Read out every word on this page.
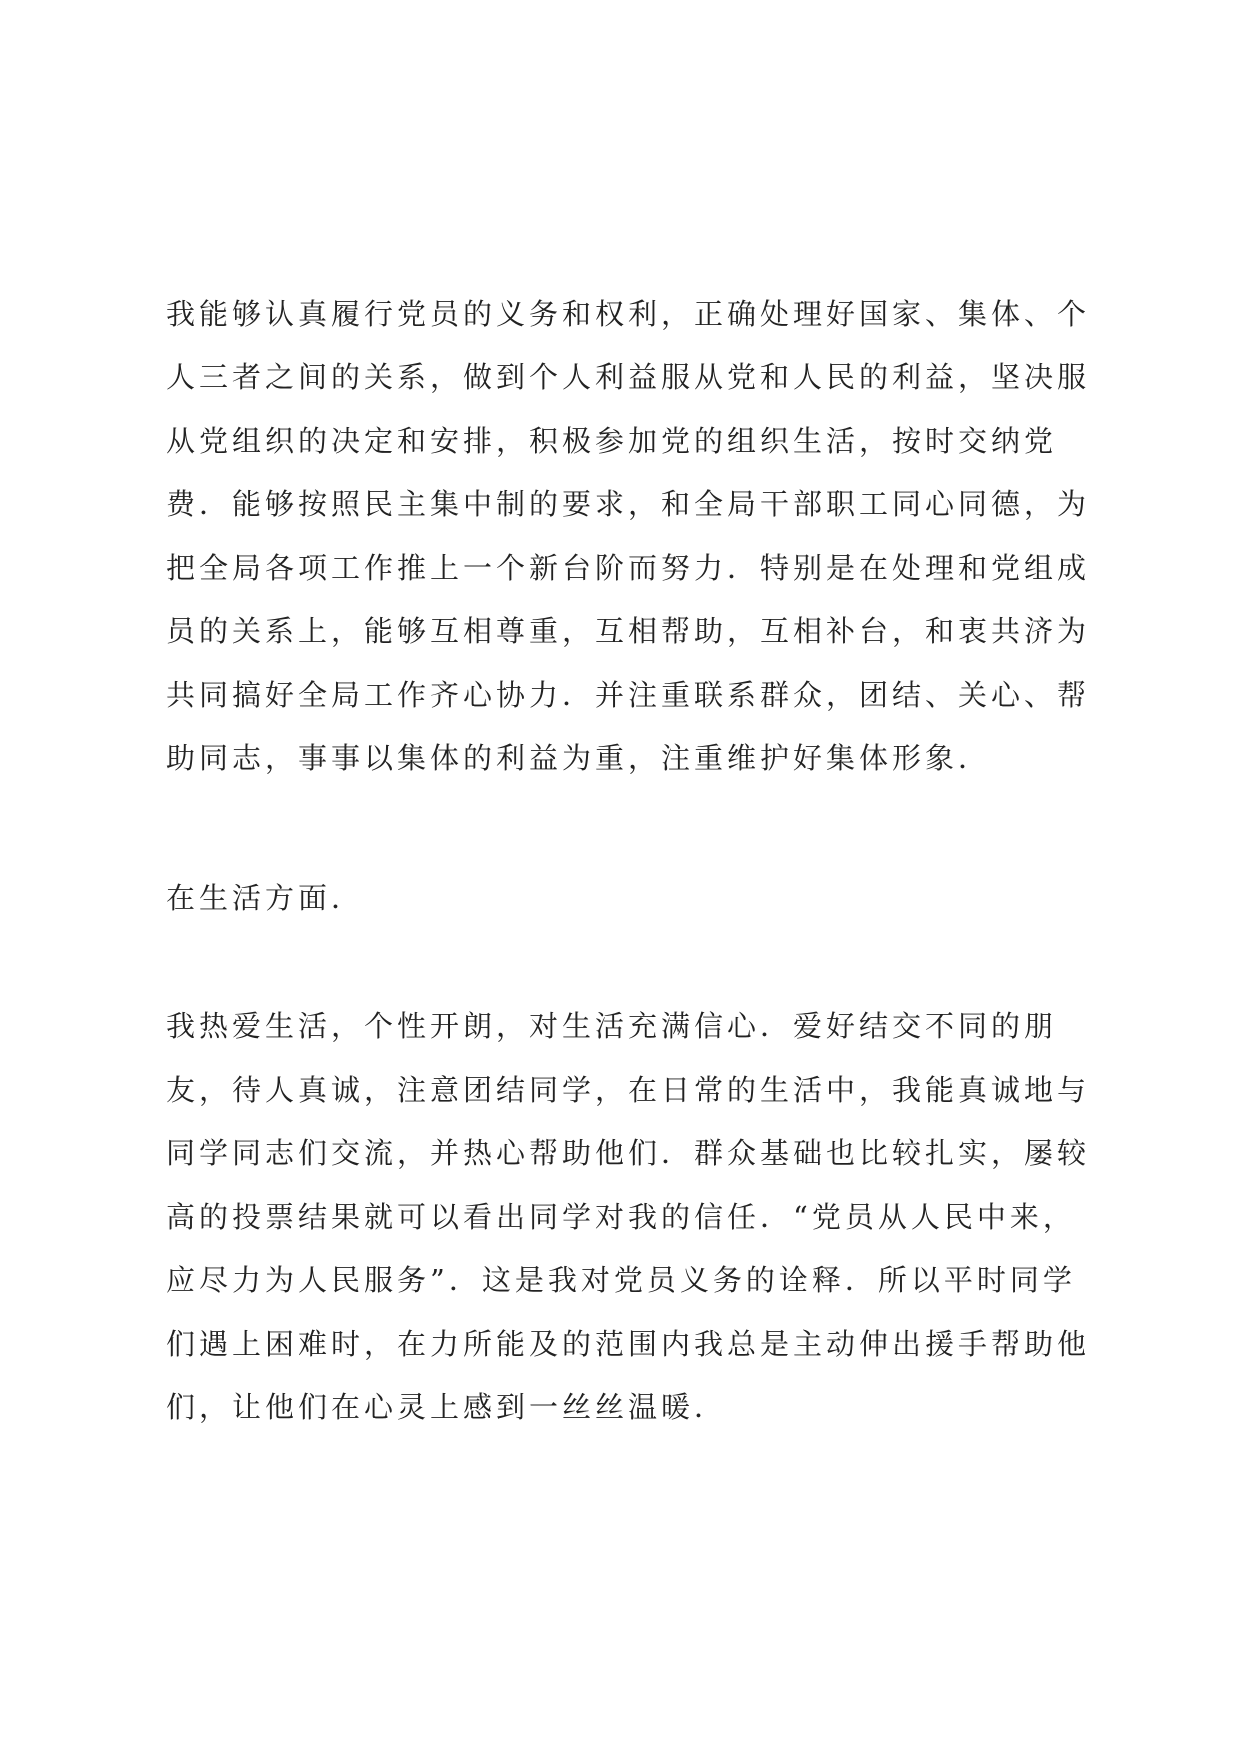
我能够认真履行党员的义务和权利，正确处理好国家、集体、个

人三者之间的关系，做到个人利益服从党和人民的利益，坚决服

从党组织的决定和安排，积极参加党的组织生活，按时交纳党

费．能够按照民主集中制的要求，和全局干部职工同心同德，为

把全局各项工作推上一个新台阶而努力．特别是在处理和党组成

员的关系上，能够互相尊重，互相帮助，互相补台，和衷共济为

共同搞好全局工作齐心协力．并注重联系群众，团结、关心、帮

助同志，事事以集体的利益为重，注重维护好集体形象．

在生活方面．

我热爱生活，个性开朗，对生活充满信心．爱好结交不同的朋

友，待人真诚，注意团结同学，在日常的生活中，我能真诚地与

同学同志们交流，并热心帮助他们．群众基础也比较扎实，屡较

高的投票结果就可以看出同学对我的信任．“党员从人民中来，

应尽力为人民服务”．这是我对党员义务的诠释．所以平时同学

们遇上困难时，在力所能及的范围内我总是主动伸出援手帮助他

们，让他们在心灵上感到一丝丝温暖．
